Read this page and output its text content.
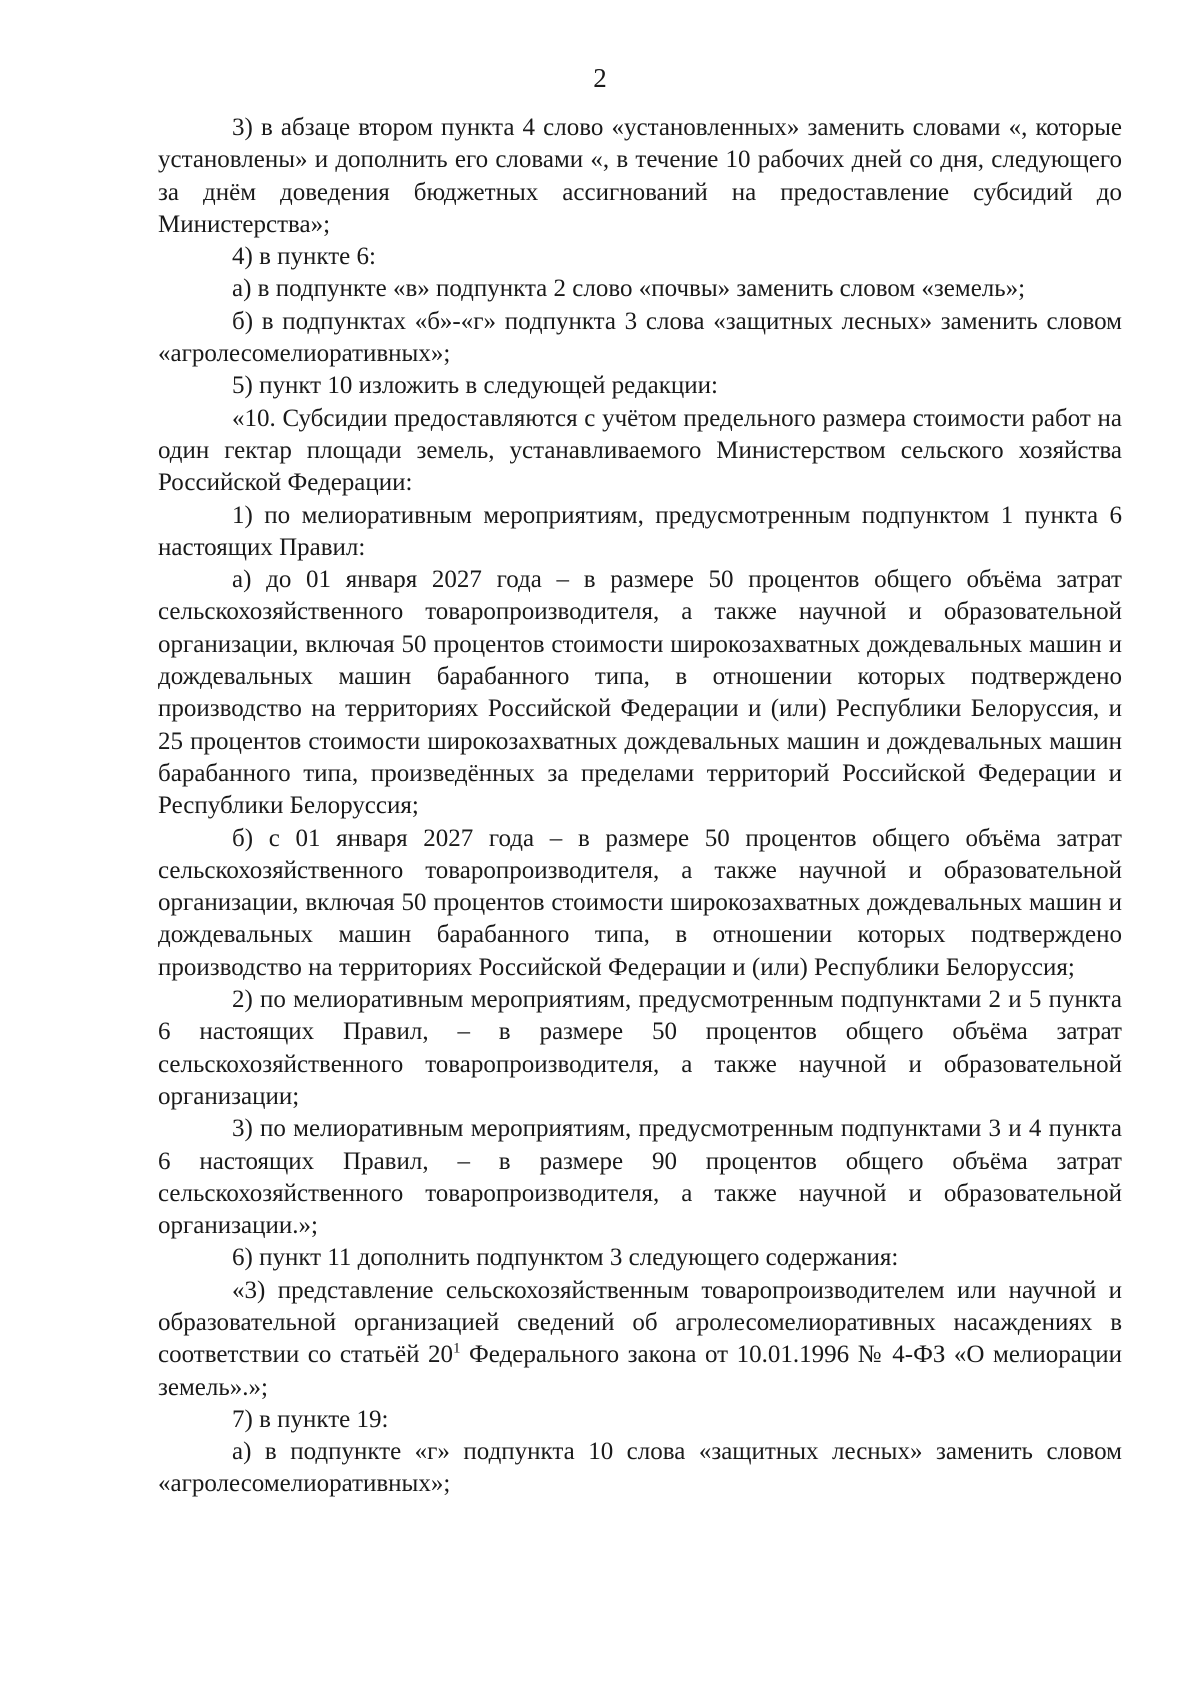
2

3) в абзаце втором пункта 4 слово «установленных» заменить словами «, которые установлены» и дополнить его словами «, в течение 10 рабочих дней со дня, следующего за днём доведения бюджетных ассигнований на предоставление субсидий до Министерства»;

4) в пункте 6:

а) в подпункте «в» подпункта 2 слово «почвы» заменить словом «земель»;

б) в подпунктах «б»-«г» подпункта 3 слова «защитных лесных» заменить словом «агролесомелиоративных»;

5) пункт 10 изложить в следующей редакции:

«10. Субсидии предоставляются с учётом предельного размера стоимости работ на один гектар площади земель, устанавливаемого Министерством сельского хозяйства Российской Федерации:

1) по мелиоративным мероприятиям, предусмотренным подпунктом 1 пункта 6 настоящих Правил:

а) до 01 января 2027 года – в размере 50 процентов общего объёма затрат сельскохозяйственного товаропроизводителя, а также научной и образовательной организации, включая 50 процентов стоимости широкозахватных дождевальных машин и дождевальных машин барабанного типа, в отношении которых подтверждено производство на территориях Российской Федерации и (или) Республики Белоруссия, и 25 процентов стоимости широкозахватных дождевальных машин и дождевальных машин барабанного типа, произведённых за пределами территорий Российской Федерации и Республики Белоруссия;

б) с 01 января 2027 года – в размере 50 процентов общего объёма затрат сельскохозяйственного товаропроизводителя, а также научной и образовательной организации, включая 50 процентов стоимости широкозахватных дождевальных машин и дождевальных машин барабанного типа, в отношении которых подтверждено производство на территориях Российской Федерации и (или) Республики Белоруссия;

2) по мелиоративным мероприятиям, предусмотренным подпунктами 2 и 5 пункта 6 настоящих Правил, – в размере 50 процентов общего объёма затрат сельскохозяйственного товаропроизводителя, а также научной и образовательной организации;

3) по мелиоративным мероприятиям, предусмотренным подпунктами 3 и 4 пункта 6 настоящих Правил, – в размере 90 процентов общего объёма затрат сельскохозяйственного товаропроизводителя, а также научной и образовательной организации.»;

6) пункт 11 дополнить подпунктом 3 следующего содержания:

«3) представление сельскохозяйственным товаропроизводителем или научной и образовательной организацией сведений об агролесомелиоративных насаждениях в соответствии со статьёй $20^1$ Федерального закона от 10.01.1996 № 4-ФЗ «О мелиорации земель».»;

7) в пункте 19:

а) в подпункте «г» подпункта 10 слова «защитных лесных» заменить словом «агролесомелиоративных»;
